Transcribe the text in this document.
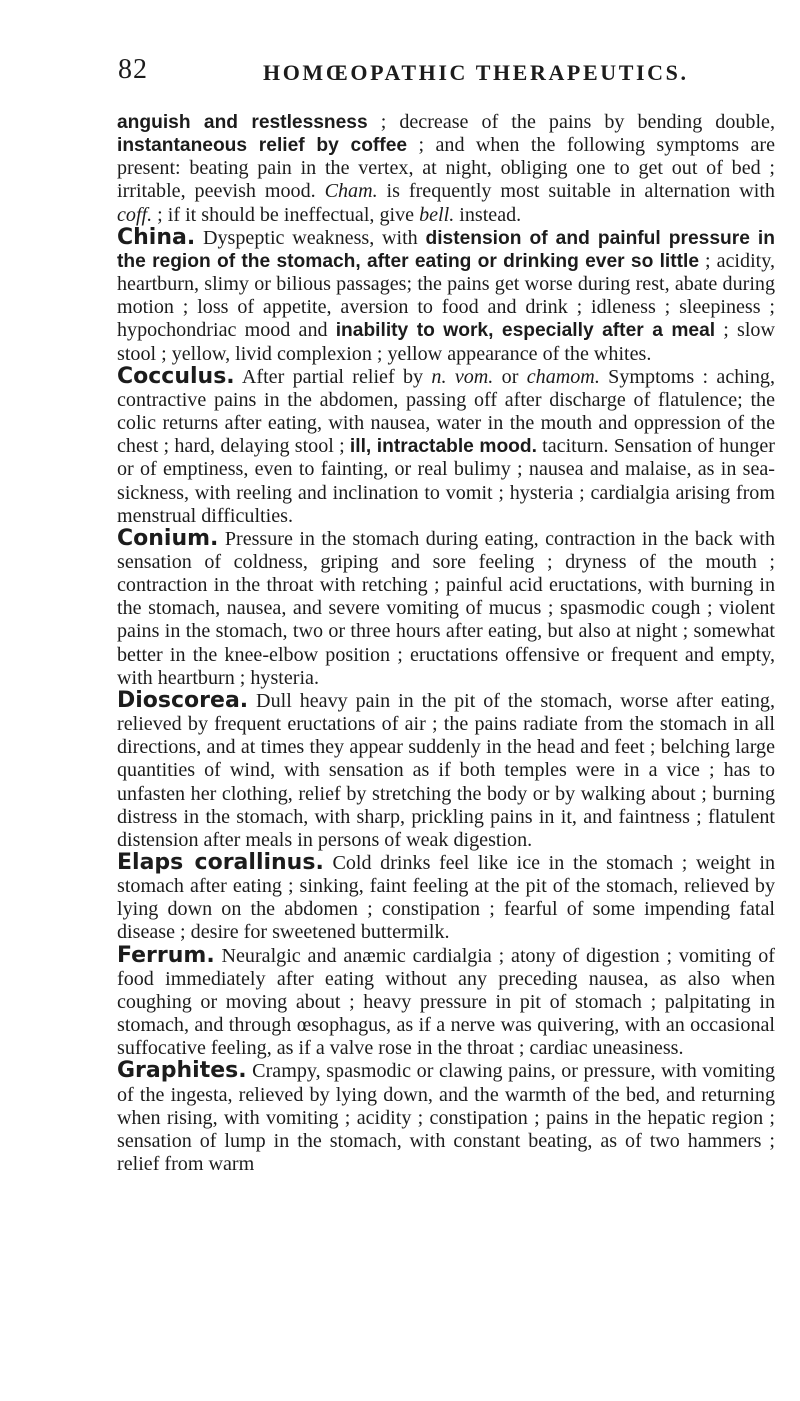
82	HOMŒOPATHIC THERAPEUTICS.

anguish and restlessness ; decrease of the pains by bending double, instantaneous relief by coffee ; and when the following symptoms are present: beating pain in the vertex, at night, obliging one to get out of bed ; irritable, peevish mood. Cham. is frequently most suitable in alternation with coff. ; if it should be ineffectual, give bell. instead.

China. Dyspeptic weakness, with distension of and painful pressure in the region of the stomach, after eating or drinking ever so little ; acidity, heartburn, slimy or bilious passages; the pains get worse during rest, abate during motion ; loss of appetite, aversion to food and drink ; idleness ; sleepiness ; hypochondriac mood and inability to work, especially after a meal ; slow stool ; yellow, livid complexion ; yellow appearance of the whites.

Cocculus. After partial relief by n. vom. or chamom. Symptoms : aching, contractive pains in the abdomen, passing off after discharge of flatulence; the colic returns after eating, with nausea, water in the mouth and oppression of the chest ; hard, delaying stool ; ill, intractable mood. taciturn. Sensation of hunger or of emptiness, even to fainting, or real bulimy ; nausea and malaise, as in sea-sickness, with reeling and inclination to vomit ; hysteria ; cardialgia arising from menstrual difficulties.

Conium. Pressure in the stomach during eating, contraction in the back with sensation of coldness, griping and sore feeling ; dryness of the mouth ; contraction in the throat with retching ; painful acid eructations, with burning in the stomach, nausea, and severe vomiting of mucus ; spasmodic cough ; violent pains in the stomach, two or three hours after eating, but also at night ; somewhat better in the knee-elbow position ; eructations offensive or frequent and empty, with heartburn ; hysteria.

Dioscorea. Dull heavy pain in the pit of the stomach, worse after eating, relieved by frequent eructations of air ; the pains radiate from the stomach in all directions, and at times they appear suddenly in the head and feet ; belching large quantities of wind, with sensation as if both temples were in a vice ; has to unfasten her clothing, relief by stretching the body or by walking about ; burning distress in the stomach, with sharp, prickling pains in it, and faintness ; flatulent distension after meals in persons of weak digestion.

Elaps corallinus. Cold drinks feel like ice in the stomach ; weight in stomach after eating ; sinking, faint feeling at the pit of the stomach, relieved by lying down on the abdomen ; constipation ; fearful of some impending fatal disease ; desire for sweetened buttermilk.

Ferrum. Neuralgic and anæmic cardialgia ; atony of digestion ; vomiting of food immediately after eating without any preceding nausea, as also when coughing or moving about ; heavy pressure in pit of stomach ; palpitating in stomach, and through œsophagus, as if a nerve was quivering, with an occasional suffocative feeling, as if a valve rose in the throat ; cardiac uneasiness.

Graphites. Crampy, spasmodic or clawing pains, or pressure, with vomiting of the ingesta, relieved by lying down, and the warmth of the bed, and returning when rising, with vomiting ; acidity ; constipation ; pains in the hepatic region ; sensation of lump in the stomach, with constant beating, as of two hammers ; relief from warm
